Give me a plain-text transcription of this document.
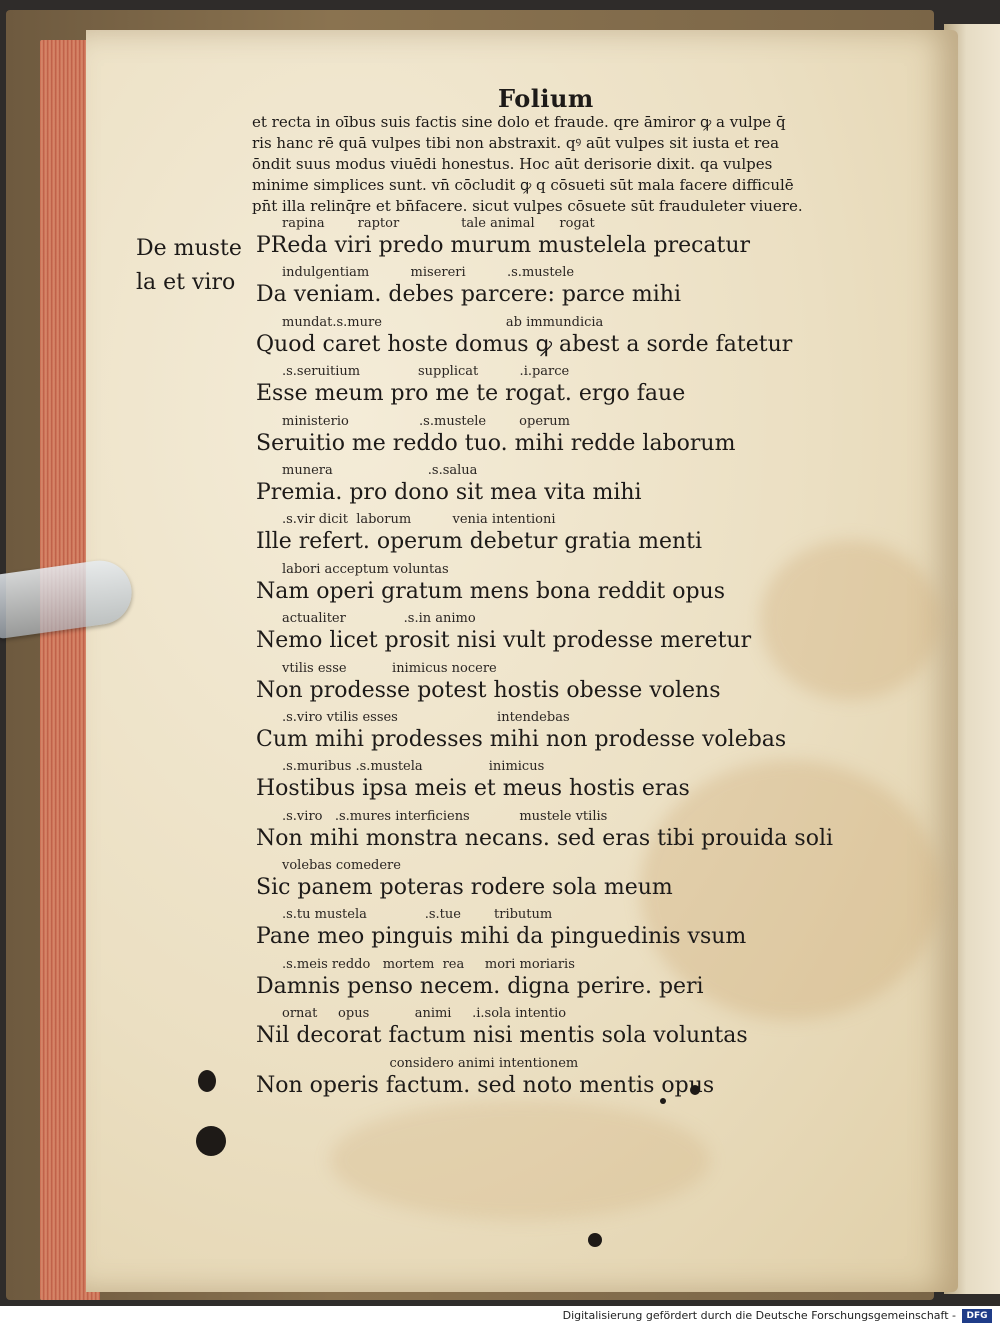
Folium
et recta in oībus suis factis sine dolo et fraude. qre āmiror ꝙ a vulpe q̄
ris hanc rē quā vulpes tibi non abstraxit. qꝰ aūt vulpes sit iusta et rea
ōndit suus modus viuēdi honestus. Hoc aūt derisorie dixit. qa vulpes
minime simplices sunt. vn̄ cōcludit ꝙ q cōsueti sūt mala facere difficulē
pn̄t illa relinq̄re et bn̄facere. sicut vulpes cōsuete sūt frauduleter viuere.
De muste
la et viro
rapina        raptor               tale animal      rogat
PReda viri predo murum mustelela precatur
indulgentiam          misereri          .s.mustele
Da veniam. debes parcere: parce mihi
mundat.s.mure                              ab immundicia
Quod caret hoste domus ꝙ abest a sorde fatetur
.s.seruitium              supplicat          .i.parce
Esse meum pro me te rogat. ergo faue
ministerio                 .s.mustele        operum
Seruitio me reddo tuo. mihi redde laborum
munera                       .s.salua
Premia. pro dono sit mea vita mihi
.s.vir dicit  laborum          venia intentioni
Ille refert. operum debetur gratia menti
labori acceptum voluntas
Nam operi gratum mens bona reddit opus
actualiter              .s.in animo
Nemo licet prosit nisi vult prodesse meretur
vtilis esse           inimicus nocere
Non prodesse potest hostis obesse volens
.s.viro vtilis esses                        intendebas
Cum mihi prodesses mihi non prodesse volebas
.s.muribus .s.mustela                inimicus
Hostibus ipsa meis et meus hostis eras
.s.viro   .s.mures interficiens            mustele vtilis
Non mihi monstra necans. sed eras tibi prouida soli
volebas comedere
Sic panem poteras rodere sola meum
.s.tu mustela              .s.tue        tributum
Pane meo pinguis mihi da pinguedinis vsum
.s.meis reddo   mortem  rea     mori moriaris
Damnis penso necem. digna perire. peri
ornat     opus           animi     .i.sola intentio
Nil decorat factum nisi mentis sola voluntas
considero animi intentionem
Non operis factum. sed noto mentis opus
Digitalisierung gefördert durch die Deutsche Forschungsgemeinschaft -	DFG
